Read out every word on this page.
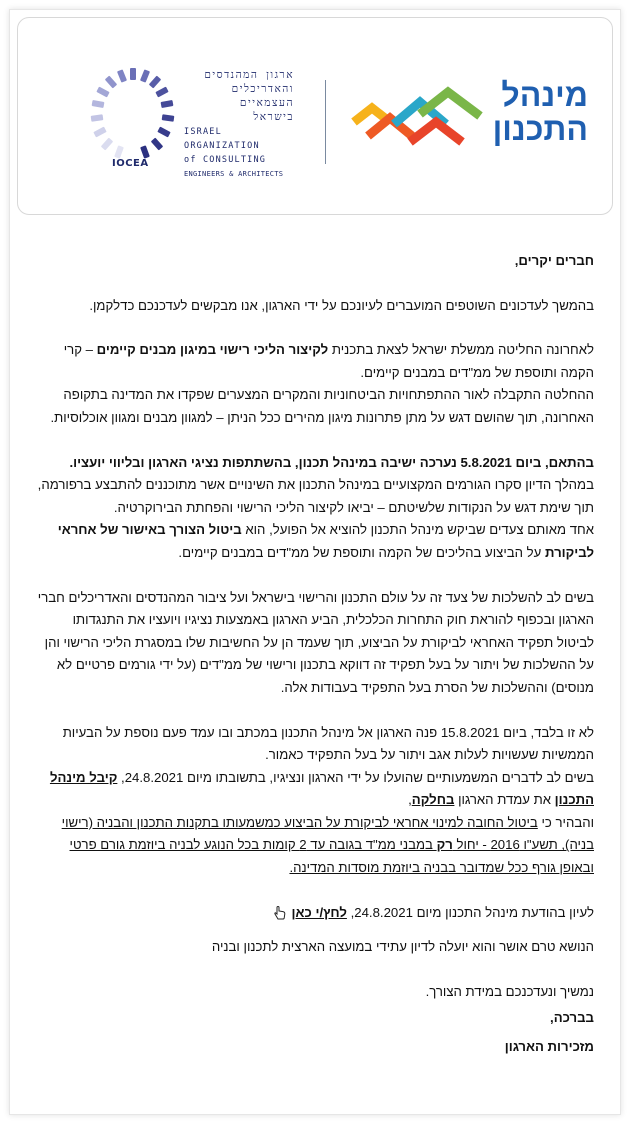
ארגון המהנדסים
והאדריכלים
העצמאיים
בישראל
ISRAEL
ORGANIZATION
of CONSULTING
ENGINEERS & ARCHITECTS
IOCEA
מינהל
התכנון

חברים יקרים,

בהמשך לעדכונים השוטפים המועברים לעיונכם על ידי הארגון, אנו מבקשים לעדכנכם כדלקמן.

לאחרונה החליטה ממשלת ישראל לצאת בתכנית לקיצור הליכי רישוי במיגון מבנים קיימים – קרי הקמה ותוספת של ממ"דים במבנים קיימים.

ההחלטה התקבלה לאור ההתפתחויות הביטחוניות והמקרים המצערים שפקדו את המדינה בתקופה האחרונה, תוך שהושם דגש על מתן פתרונות מיגון מהירים ככל הניתן – למגוון מבנים ומגוון אוכלוסיות.

בהתאם, ביום 5.8.2021 נערכה ישיבה במינהל תכנון, בהשתתפות נציגי הארגון ובליווי יועציו.

במהלך הדיון סקרו הגורמים המקצועיים במינהל התכנון את השינויים אשר מתוכננים להתבצע ברפורמה, תוך שימת דגש על הנקודות שלשיטתם – יביאו לקיצור הליכי הרישוי והפחתת הבירוקרטיה.

אחד מאותם צעדים שביקש מינהל התכנון להוציא אל הפועל, הוא ביטול הצורך באישור של אחראי לביקורת על הביצוע בהליכים של הקמה ותוספת של ממ"דים במבנים קיימים.

בשים לב להשלכות של צעד זה על עולם התכנון והרישוי בישראל ועל ציבור המהנדסים והאדריכלים חברי הארגון ובכפוף להוראת חוק התחרות הכלכלית, הביע הארגון באמצעות נציגיו ויועציו את התנגדותו לביטול תפקיד האחראי לביקורת על הביצוע, תוך שעמד הן על החשיבות שלו במסגרת הליכי הרישוי והן על ההשלכות של ויתור על בעל תפקיד זה דווקא בתכנון ורישוי של ממ"דים (על ידי גורמים פרטיים לא מנוסים) וההשלכות של הסרת בעל התפקיד בעבודות אלה.

לא זו בלבד, ביום 15.8.2021 פנה הארגון אל מינהל התכנון במכתב ובו עמד פעם נוספת על הבעיות הממשיות שעשויות לעלות אגב ויתור על בעל התפקיד כאמור.

בשים לב לדברים המשמעותיים שהועלו על ידי הארגון ונציגיו, בתשובתו מיום 24.8.2021, קיבל מינהל התכנון את עמדת הארגון בחלקה,

והבהיר כי ביטול החובה למינוי אחראי לביקורת על הביצוע כמשמעותו בתקנות התכנון והבניה (רישוי בניה), תשע"ו 2016 - יחול רק במבני ממ"ד בגובה עד 2 קומות בכל הנוגע לבניה ביוזמת גורם פרטי ובאופן גורף ככל שמדובר בבניה ביוזמת מוסדות המדינה.

לעיון בהודעת מינהל התכנון מיום 24.8.2021, לחץ/י כאן

הנושא טרם אושר והוא יועלה לדיון עתידי במועצה הארצית לתכנון ובניה

נמשיך ונעדכנכם במידת הצורך.

בברכה,

מזכירות הארגון
